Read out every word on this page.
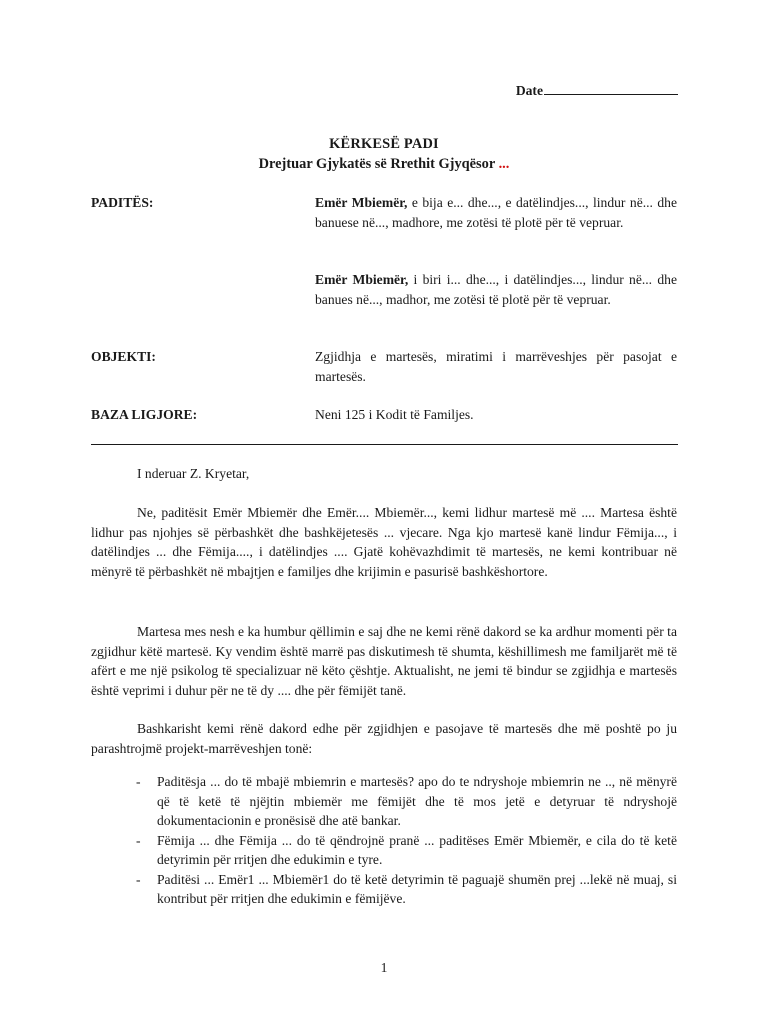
Date
KËRKESË PADI
Drejtuar Gjykatës së Rrethit Gjyqësor ...
PADITËS:	Emër Mbiemër, e bija e... dhe..., e datëlindjes..., lindur në... dhe banuese në..., madhore, me zotësi të plotë për të vepruar.
Emër Mbiemër, i biri i... dhe..., i datëlindjes..., lindur në... dhe banues në..., madhor, me zotësi të plotë për të vepruar.
OBJEKTI:	Zgjidhja e martesës, miratimi i marrëveshjes për pasojat e martesës.
BAZA LIGJORE:	Neni 125 i Kodit të Familjes.
I nderuar Z. Kryetar,
Ne, paditësit Emër Mbiemër dhe Emër.... Mbiemër..., kemi lidhur martesë më .... Martesa është lidhur pas njohjes së përbashkët dhe bashkëjetesës ... vjecare. Nga kjo martesë kanë lindur Fëmija..., i datëlindjes ... dhe Fëmija...., i datëlindjes .... Gjatë kohëvazhdimit të martesës, ne kemi kontribuar në mënyrë të përbashkët në mbajtjen e familjes dhe krijimin e pasurisë bashkëshortore.
Martesa mes nesh e ka humbur qëllimin e saj dhe ne kemi rënë dakord se ka ardhur momenti për ta zgjidhur këtë martesë. Ky vendim është marrë pas diskutimesh të shumta, këshillimesh me familjarët më të afërt e me një psikolog të specializuar në këto çështje. Aktualisht, ne jemi të bindur se zgjidhja e martesës është veprimi i duhur për ne të dy .... dhe për fëmijët tanë.
Bashkarisht kemi rënë dakord edhe për zgjidhjen e pasojave të martesës dhe më poshtë po ju parashtrojmë projekt-marrëveshjen tonë:
- Paditësja ... do të mbajë mbiemrin e martesës? apo do te ndryshoje mbiemrin ne .., në mënyrë që të ketë të njëjtin mbiemër me fëmijët dhe të mos jetë e detyruar të ndryshojë dokumentacionin e pronësisë dhe atë bankar.
- Fëmija ... dhe Fëmija ... do të qëndrojnë pranë ... paditëses Emër Mbiemër, e cila do të ketë detyrimin për rritjen dhe edukimin e tyre.
- Paditësi ... Emër1 ... Mbiemër1 do të ketë detyrimin të paguajë shumën prej ...lekë në muaj, si kontribut për rritjen dhe edukimin e fëmijëve.
1
